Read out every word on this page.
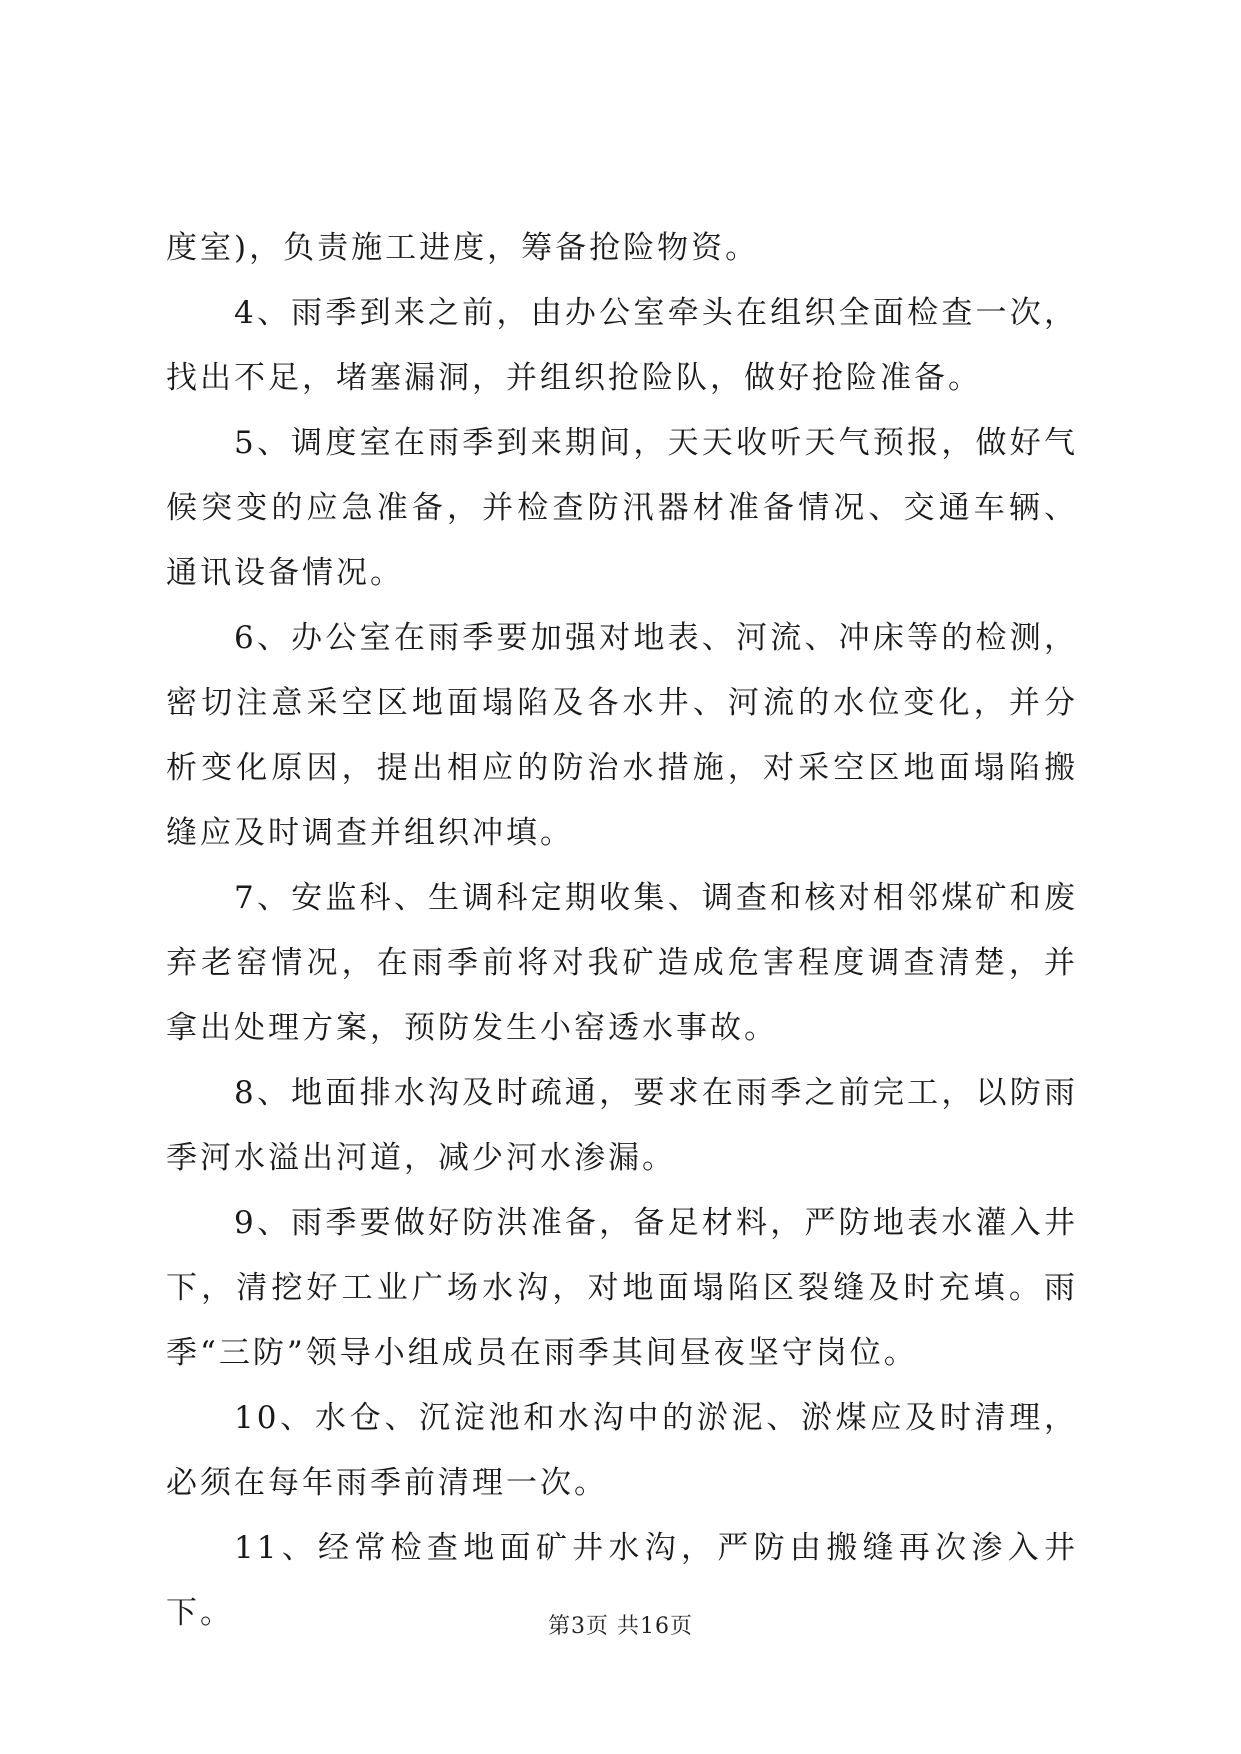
度室)，负责施工进度，筹备抢险物资。

4、雨季到来之前，由办公室牵头在组织全面检查一次，找出不足，堵塞漏洞，并组织抢险队，做好抢险准备。

5、调度室在雨季到来期间，天天收听天气预报，做好气候突变的应急准备，并检查防汛器材准备情况、交通车辆、通讯设备情况。

6、办公室在雨季要加强对地表、河流、冲床等的检测，密切注意采空区地面塌陷及各水井、河流的水位变化，并分析变化原因，提出相应的防治水措施，对采空区地面塌陷搬缝应及时调查并组织冲填。

7、安监科、生调科定期收集、调查和核对相邻煤矿和废弃老窑情况，在雨季前将对我矿造成危害程度调查清楚，并拿出处理方案，预防发生小窑透水事故。

8、地面排水沟及时疏通，要求在雨季之前完工，以防雨季河水溢出河道，减少河水渗漏。

9、雨季要做好防洪准备，备足材料，严防地表水灌入井下，清挖好工业广场水沟，对地面塌陷区裂缝及时充填。雨季“三防”领导小组成员在雨季其间昼夜坚守岗位。

10、水仓、沉淀池和水沟中的淤泥、淤煤应及时清理，必须在每年雨季前清理一次。

11、经常检查地面矿井水沟，严防由搬缝再次渗入井下。	第3页 共16页
